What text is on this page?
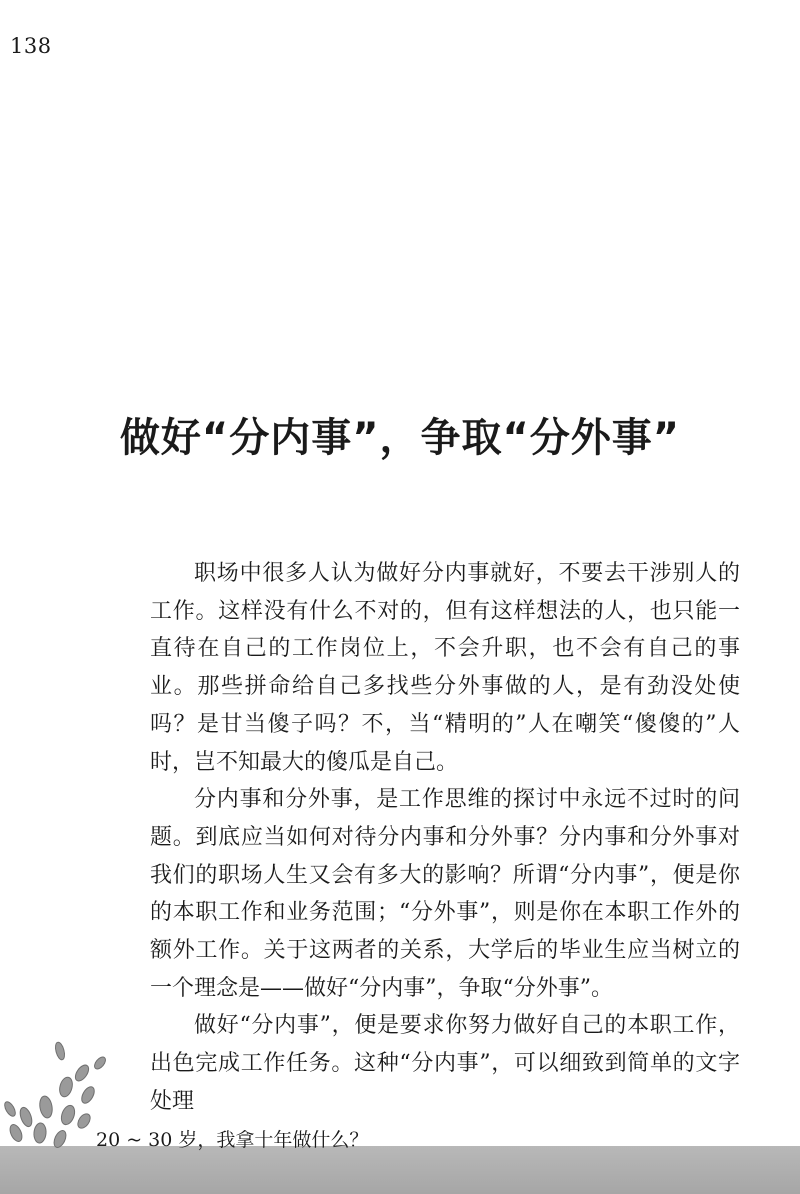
138
做好“分内事”，争取“分外事”

职场中很多人认为做好分内事就好，不要去干涉别人的工作。这样没有什么不对的，但有这样想法的人，也只能一直待在自己的工作岗位上，不会升职，也不会有自己的事业。那些拼命给自己多找些分外事做的人，是有劲没处使吗？是甘当傻子吗？不，当“精明的”人在嘲笑“傻傻的”人时，岂不知最大的傻瓜是自己。

分内事和分外事，是工作思维的探讨中永远不过时的问题。到底应当如何对待分内事和分外事？分内事和分外事对我们的职场人生又会有多大的影响？所谓“分内事”，便是你的本职工作和业务范围；“分外事”，则是你在本职工作外的额外工作。关于这两者的关系，大学后的毕业生应当树立的一个理念是——做好“分内事”，争取“分外事”。

做好“分内事”，便是要求你努力做好自己的本职工作，出色完成工作任务。这种“分内事”，可以细致到简单的文字处理

20 ~ 30 岁，我拿十年做什么？
